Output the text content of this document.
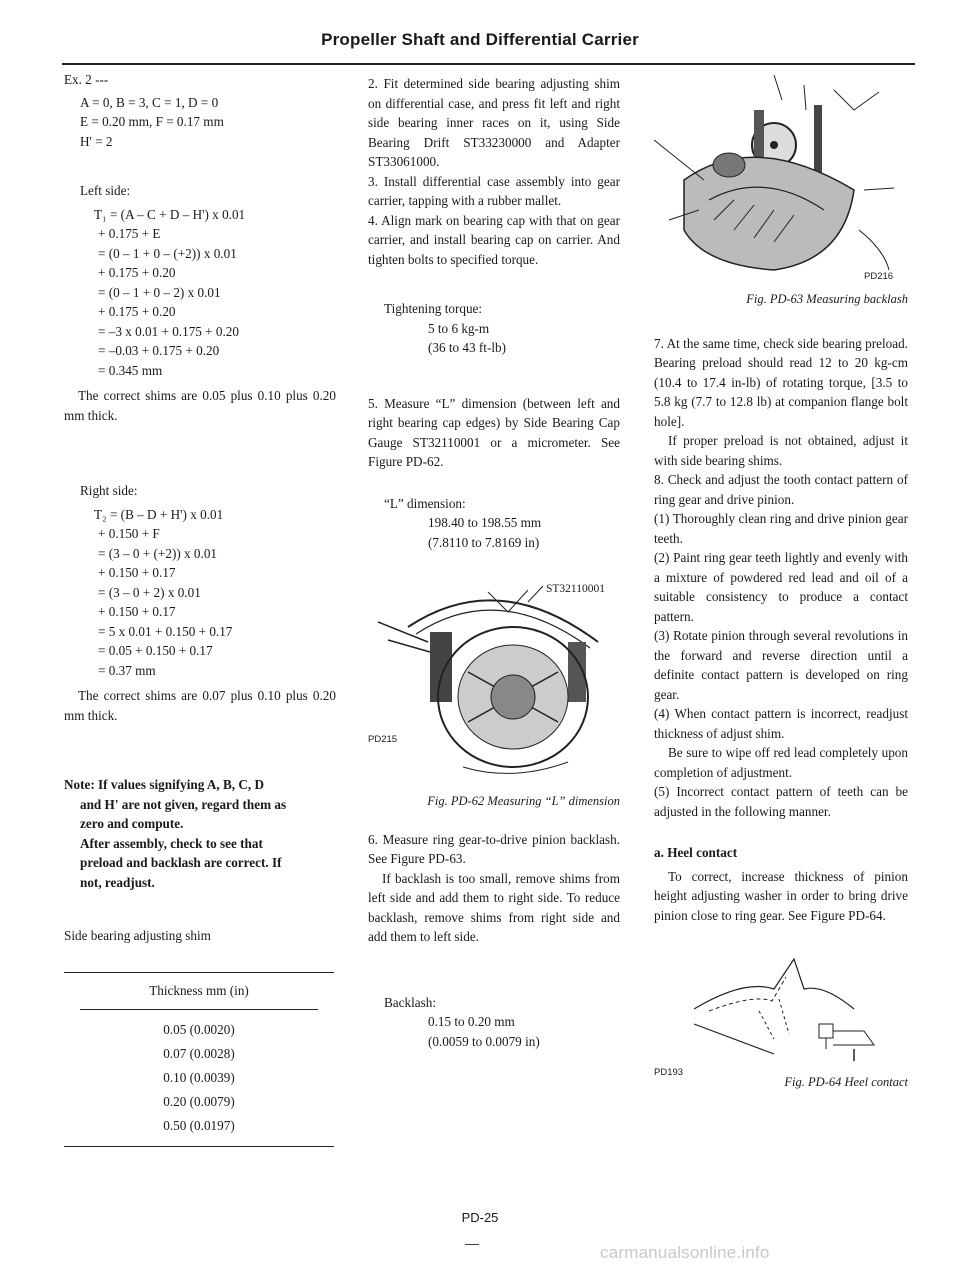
Propeller Shaft and Differential Carrier

Ex. 2 ---

A = 0, B = 3, C = 1, D = 0

E = 0.20 mm, F = 0.17 mm

H' = 2

Left side:

T₁ = (A – C + D – H') x 0.01

+ 0.175 + E

= (0 – 1 + 0 – (+2)) x 0.01

+ 0.175 + 0.20

= (0 – 1 + 0 – 2) x 0.01

+ 0.175 + 0.20

= –3 x 0.01 + 0.175 + 0.20

= –0.03 + 0.175 + 0.20

= 0.345 mm

The correct shims are 0.05 plus 0.10 plus 0.20 mm thick.

Right side:

T₂ = (B – D + H') x 0.01

+ 0.150 + F

= (3 – 0 + (+2)) x 0.01

+ 0.150 + 0.17

= (3 – 0 + 2) x 0.01

+ 0.150 + 0.17

= 5 x 0.01 + 0.150 + 0.17

= 0.05 + 0.150 + 0.17

= 0.37 mm

The correct shims are 0.07 plus 0.10 plus 0.20 mm thick.

Note: If values signifying A, B, C, D

and H' are not given, regard them as

zero and compute.

After assembly, check to see that

preload and backlash are correct. If

not, readjust.

Side bearing adjusting shim

Thickness mm (in)
0.05 (0.0020)
0.07 (0.0028)
0.10 (0.0039)
0.20 (0.0079)
0.50 (0.0197)

2. Fit determined side bearing adjusting shim on differential case, and press fit left and right side bearing inner races on it, using Side Bearing Drift ST33230000 and Adapter ST33061000.

3. Install differential case assembly into gear carrier, tapping with a rubber mallet.

4. Align mark on bearing cap with that on gear carrier, and install bearing cap on carrier. And tighten bolts to specified torque.

Tightening torque:

5 to 6 kg-m

(36 to 43 ft-lb)

5. Measure “L” dimension (between left and right bearing cap edges) by Side Bearing Cap Gauge ST32110001 or a micrometer. See Figure PD-62.

“L” dimension:

198.40 to 198.55 mm

(7.8110 to 7.8169 in)

ST32110001
PD215

Fig. PD-62 Measuring “L” dimension

6. Measure ring gear-to-drive pinion backlash. See Figure PD-63.

If backlash is too small, remove shims from left side and add them to right side. To reduce backlash, remove shims from right side and add them to left side.

Backlash:

0.15 to 0.20 mm

(0.0059 to 0.0079 in)

PD216

Fig. PD-63 Measuring backlash

7. At the same time, check side bearing preload. Bearing preload should read 12 to 20 kg-cm (10.4 to 17.4 in-lb) of rotating torque, [3.5 to 5.8 kg (7.7 to 12.8 lb) at companion flange bolt hole].

If proper preload is not obtained, adjust it with side bearing shims.

8. Check and adjust the tooth contact pattern of ring gear and drive pinion.

(1) Thoroughly clean ring and drive pinion gear teeth.

(2) Paint ring gear teeth lightly and evenly with a mixture of powdered red lead and oil of a suitable consistency to produce a contact pattern.

(3) Rotate pinion through several revolutions in the forward and reverse direction until a definite contact pattern is developed on ring gear.

(4) When contact pattern is incorrect, readjust thickness of adjust shim.

Be sure to wipe off red lead completely upon completion of adjustment.

(5) Incorrect contact pattern of teeth can be adjusted in the following manner.

a. Heel contact

To correct, increase thickness of pinion height adjusting washer in order to bring drive pinion close to ring gear. See Figure PD-64.

PD193

Fig. PD-64 Heel contact

PD-25
carmanualsonline.info
